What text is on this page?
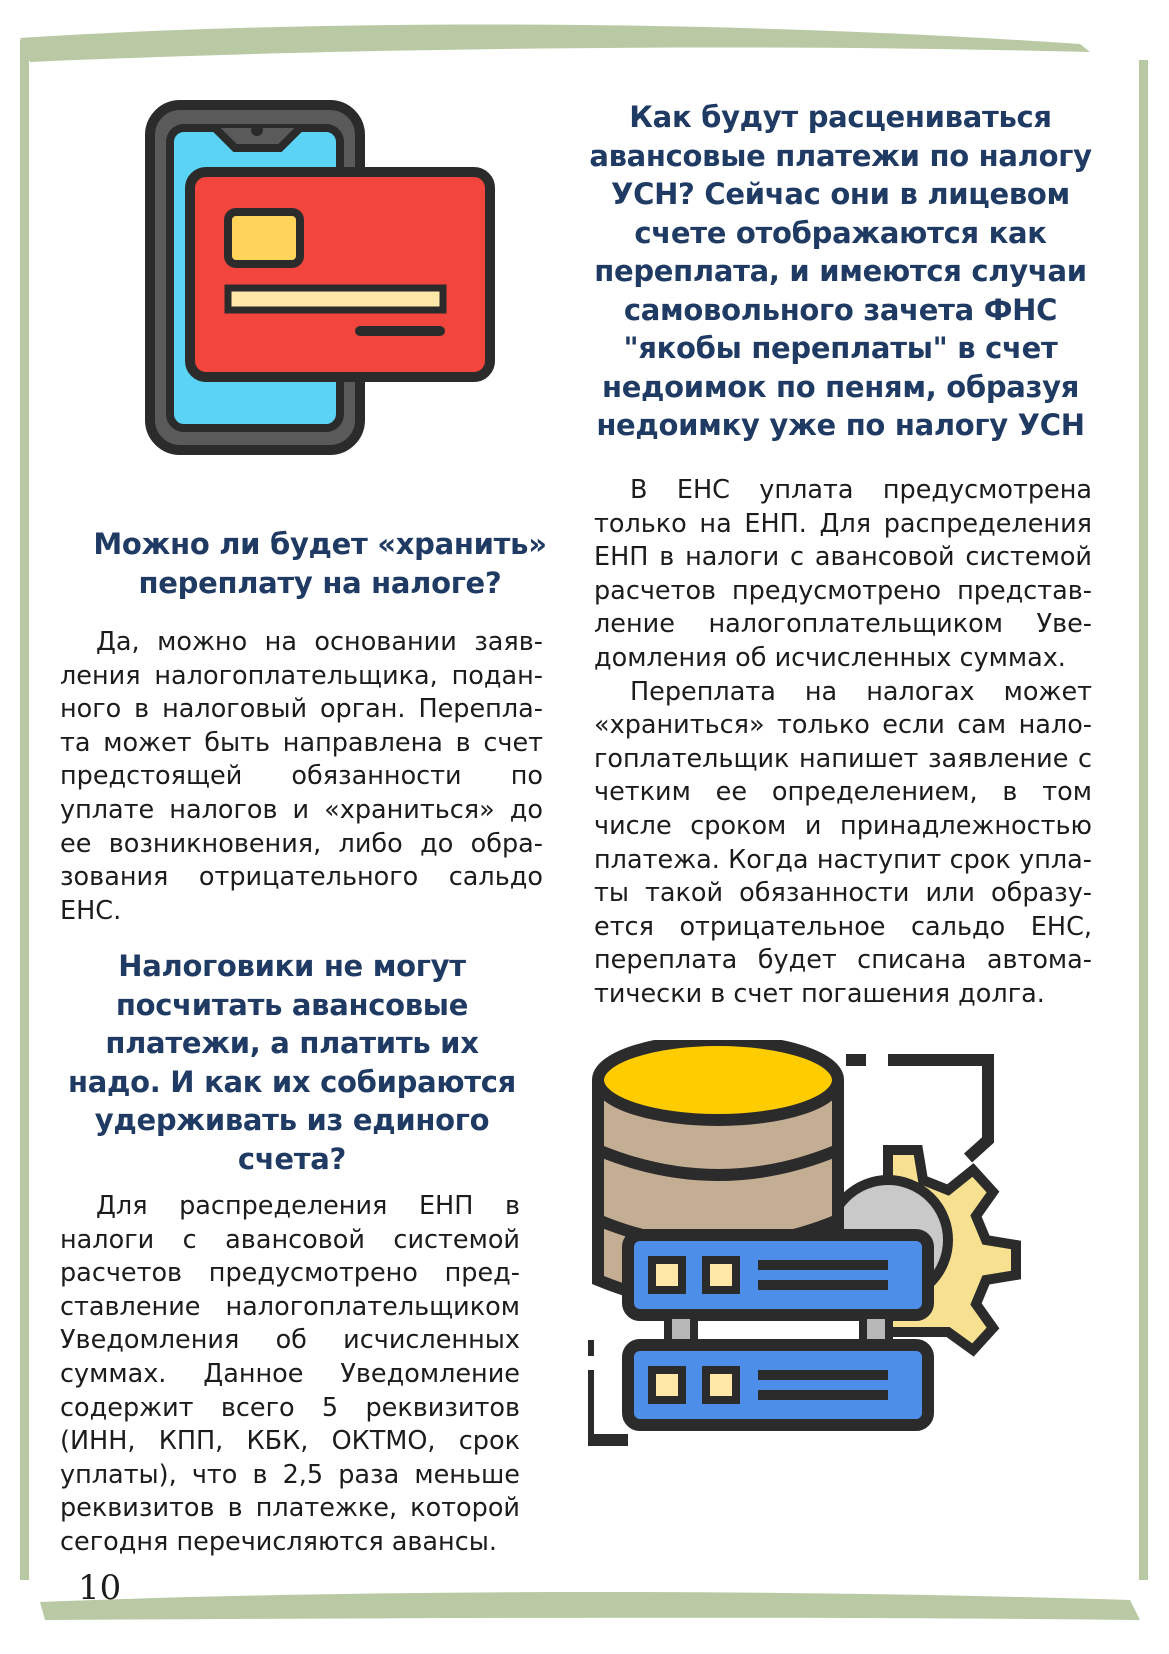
Как будут расцениваться
авансовые платежи по налогу
УСН? Сейчас они в лицевом
счете отображаются как
переплата, и имеются случаи
самовольного зачета ФНС
"якобы переплаты" в счет
недоимок по пеням, образуя
недоимку уже по налогу УСН

В ЕНС уплата предусмотрена только на ЕНП. Для распределения ЕНП в налоги с авансовой системой расчетов предусмотрено представление налогоплательщиком Уведомления об исчисленных суммах.

Переплата на налогах может «храниться» только если сам налогоплательщик напишет заявление с четким ее определением, в том числе сроком и принадлежностью платежа. Когда наступит срок уплаты такой обязанности или образуется отрицательное сальдо ЕНС, переплата будет списана автоматически в счет погашения долга.

Можно ли будет «хранить»
переплату на налоге?

Да, можно на основании заявления налогоплательщика, поданного в налоговый орган. Переплата может быть направлена в счет предстоящей обязанности по уплате налогов и «храниться» до ее возникновения, либо до образования отрицательного сальдо ЕНС.

Налоговики не могут
посчитать авансовые
платежи, а платить их
надо. И как их собираются
удерживать из единого
счета?

Для распределения ЕНП в налоги с авансовой системой расчетов предусмотрено представление налогоплательщиком Уведомления об исчисленных суммах. Данное Уведомление содержит всего 5 реквизитов (ИНН, КПП, КБК, ОКТМО, срок уплаты), что в 2,5 раза меньше реквизитов в платежке, которой сегодня перечисляются авансы.

10
